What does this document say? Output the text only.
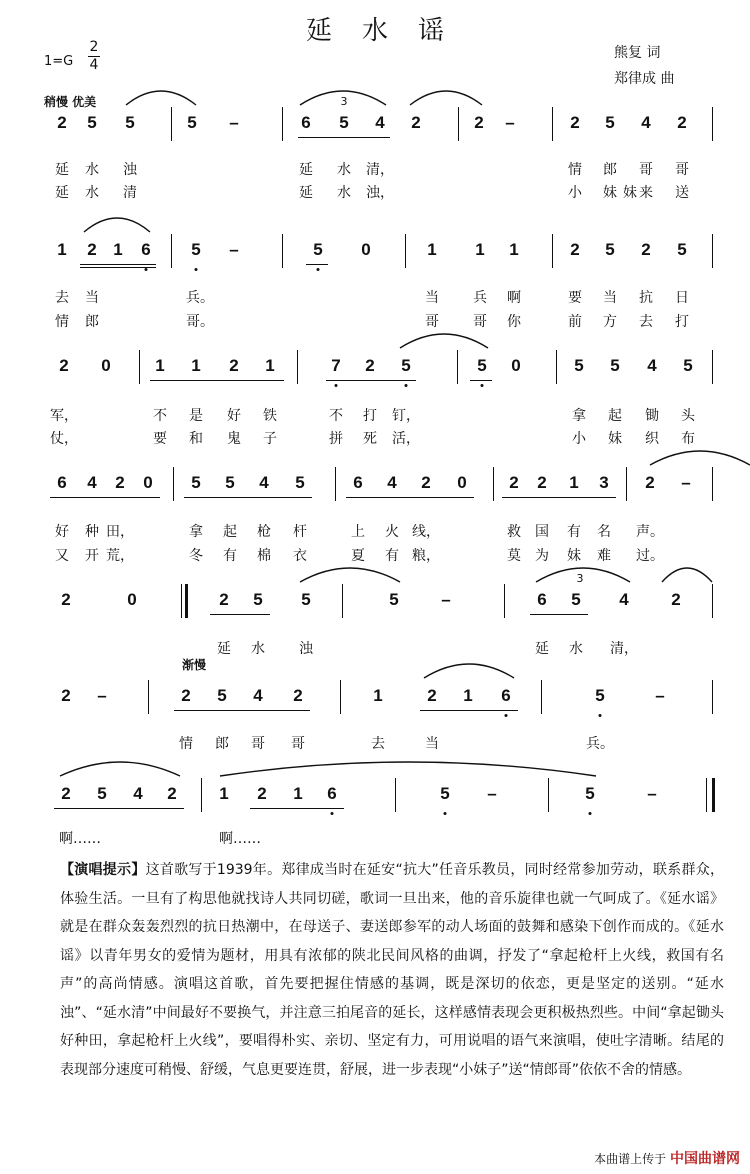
延水谣
1=G
2
4
熊复 词
郑律成 曲
稍慢 优美
渐慢
2 5 5	5 –	6 5 4 2	2 –	2 5 4 2
3
延 水 浊	延 水 清，	情 郎 哥 哥
延 水 清	延 水 浊，	小 妹 妹 来 送
1 2 1 6 5 –	5 0	1 1 1	2 5 2 5
去 当	兵。	当 兵 啊	要 当 抗 日
情 郎	哥。	哥 哥 你	前 方 去 打
2 0	1 1 2 1	7 2 5	5 0	5 5 4 5
军，	不 是 好 铁	不 打 钉，	拿 起 锄 头
仗，	要 和 鬼 子	拼 死 活，	小 妹 织 布
6 4 2 0 5 5 4 5	6 4 2 0	2 2 1 3 2 –
好 种 田，	拿 起 枪 杆	上 火 线，	救 国 有 名 声。
又 开 荒，	冬 有 棉 衣	夏 有 粮，	莫 为 妹 难 过。
2	0	2 5 5	5	–	6 5 4	2
3
延 水 浊	延 水 清，
2 –	2 5 4 2	1	2 1 6	5	–
情 郎 哥 哥	去	当	兵。
2 5 4 2	1 2 1 6	5 –	5	–
啊……	啊……
【演唱提示】这首歌写于1939年。郑律成当时在延安“抗大”任音乐教员，同时经常参加劳动，联系群众，体验生活。一旦有了构思他就找诗人共同切磋，歌词一旦出来，他的音乐旋律也就一气呵成了。《延水谣》就是在群众轰轰烈烈的抗日热潮中，在母送子、妻送郎参军的动人场面的鼓舞和感染下创作而成的。《延水谣》以青年男女的爱情为题材，用具有浓郁的陕北民间风格的曲调，抒发了“拿起枪杆上火线，救国有名声”的高尚情感。演唱这首歌，首先要把握住情感的基调，既是深切的依恋，更是坚定的送别。“延水浊”、“延水清”中间最好不要换气，并注意三拍尾音的延长，这样感情表现会更积极热烈些。中间“拿起锄头好种田，拿起枪杆上火线”，要唱得朴实、亲切、坚定有力，可用说唱的语气来演唱，使吐字清晰。结尾的表现部分速度可稍慢、舒缓，气息更要连贯，舒展，进一步表现“小妹子”送“情郎哥”依依不舍的情感。
本曲谱上传于 中国曲谱网
